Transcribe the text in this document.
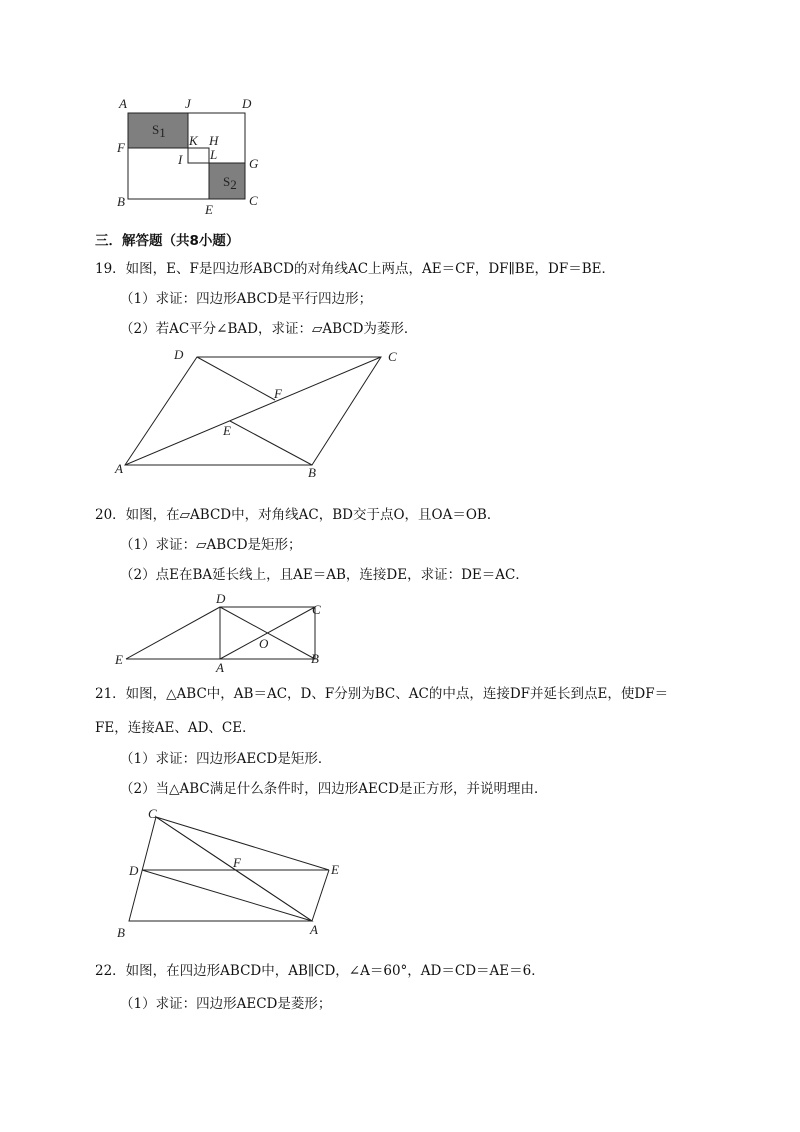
A	J	D
F	K H
L
I	G
B
E
C
S1
S2
三．解答题（共8小题）
19．如图，E、F是四边形ABCD的对角线AC上两点，AE＝CF，DF∥BE，DF＝BE．
（1）求证：四边形ABCD是平行四边形；
（2）若AC平分∠BAD，求证：▱ABCD为菱形．
D	C
F
E
A	B
20．如图，在▱ABCD中，对角线AC，BD交于点O，且OA＝OB．
（1）求证：▱ABCD是矩形；
（2）点E在BA延长线上，且AE＝AB，连接DE，求证：DE＝AC．
D
C
O
E
A
B
21．如图，△ABC中，AB＝AC，D、F分别为BC、AC的中点，连接DF并延长到点E，使DF＝
FE，连接AE、AD、CE．
（1）求证：四边形AECD是矩形．
（2）当△ABC满足什么条件时，四边形AECD是正方形，并说明理由．
C
D
F	E
B	A
22．如图，在四边形ABCD中，AB∥CD，∠A＝60°，AD＝CD＝AE＝6．
（1）求证：四边形AECD是菱形；
